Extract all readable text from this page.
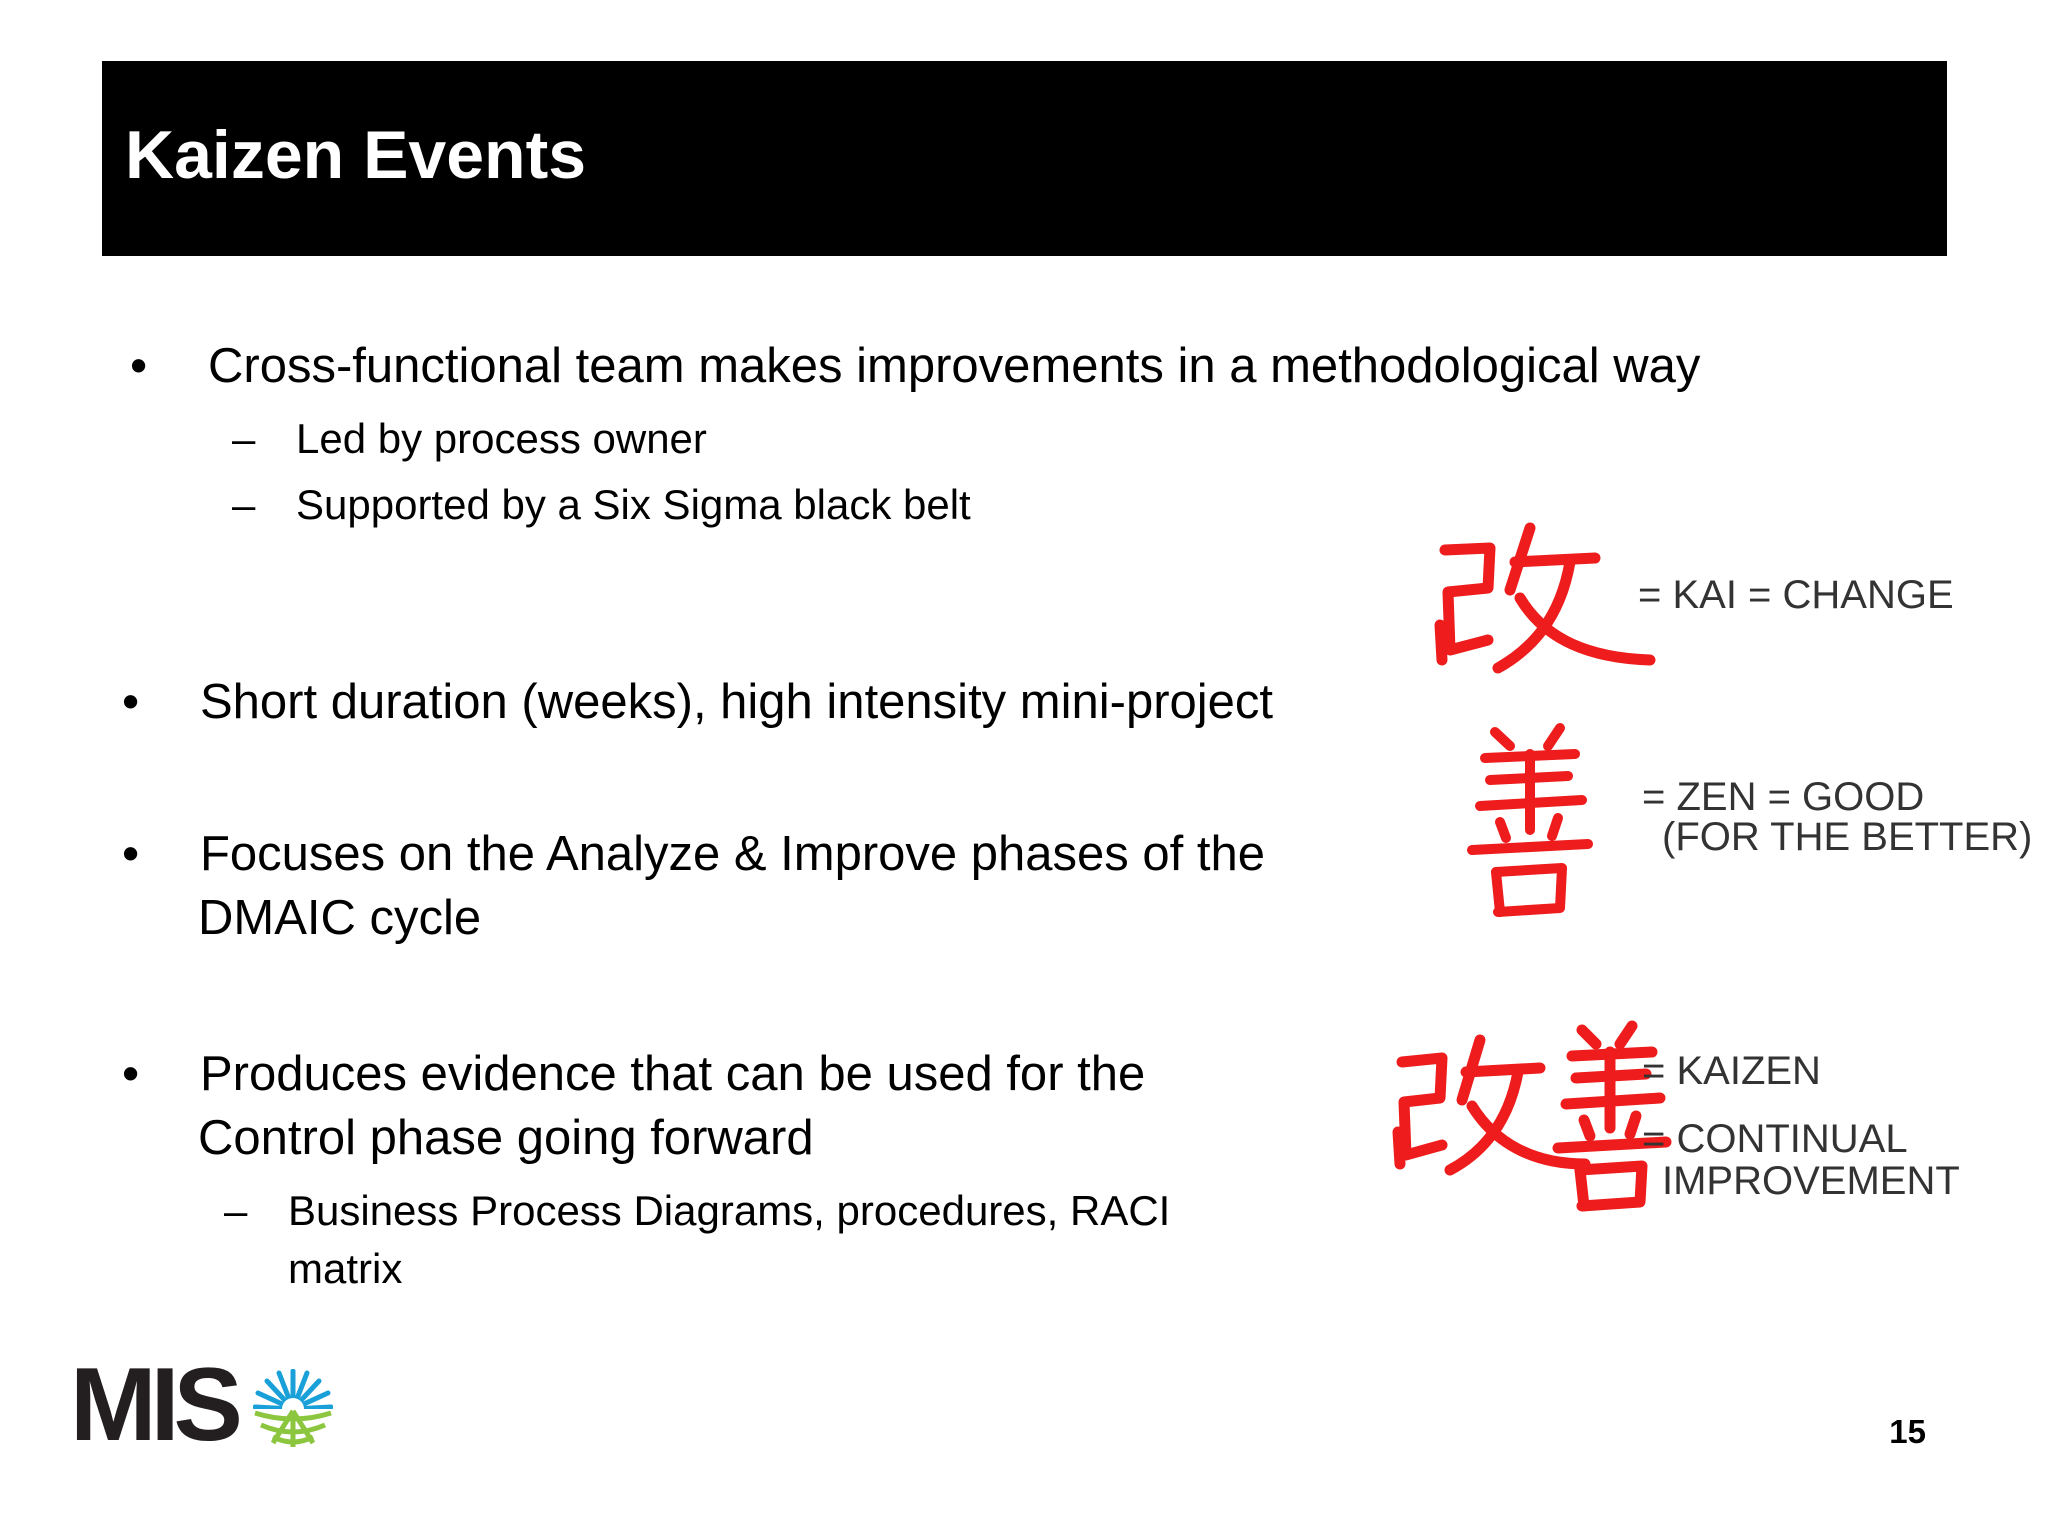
Kaizen Events
• Cross-functional team makes improvements in a methodological way
– Led by process owner
– Supported by a Six Sigma black belt
• Short duration (weeks), high intensity mini-project
• Focuses on the Analyze & Improve phases of the
DMAIC cycle
• Produces evidence that can be used for the
Control phase going forward
– Business Process Diagrams, procedures, RACI
matrix
= KAI = CHANGE
= ZEN = GOOD
(FOR THE BETTER)
= KAIZEN
= CONTINUAL
IMPROVEMENT
MIS	15
